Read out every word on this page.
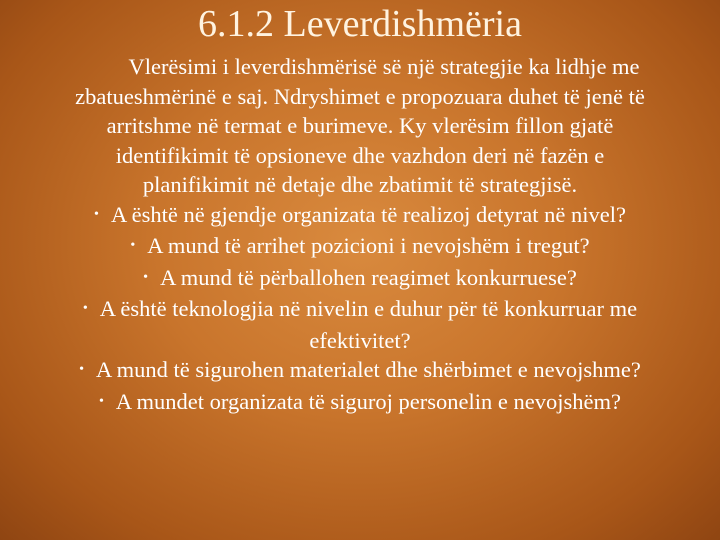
6.1.2 Leverdishmëria
Vlerësimi i leverdishmërisë së një strategjie ka lidhje me
zbatueshmërinë e saj. Ndryshimet e propozuara duhet të jenë të
arritshme në termat e burimeve. Ky vlerësim fillon gjatë
identifikimit të opsioneve dhe vazhdon deri në fazën e
planifikimit në detaje dhe zbatimit të strategjisë.
• A është në gjendje organizata të realizoj detyrat në nivel?
• A mund të arrihet pozicioni i nevojshëm i tregut?
• A mund të përballohen reagimet konkurruese?
• A është teknologjia në nivelin e duhur për të konkurruar me
efektivitet?
• A mund të sigurohen materialet dhe shërbimet e nevojshme?
• A mundet organizata të siguroj personelin e nevojshëm?
